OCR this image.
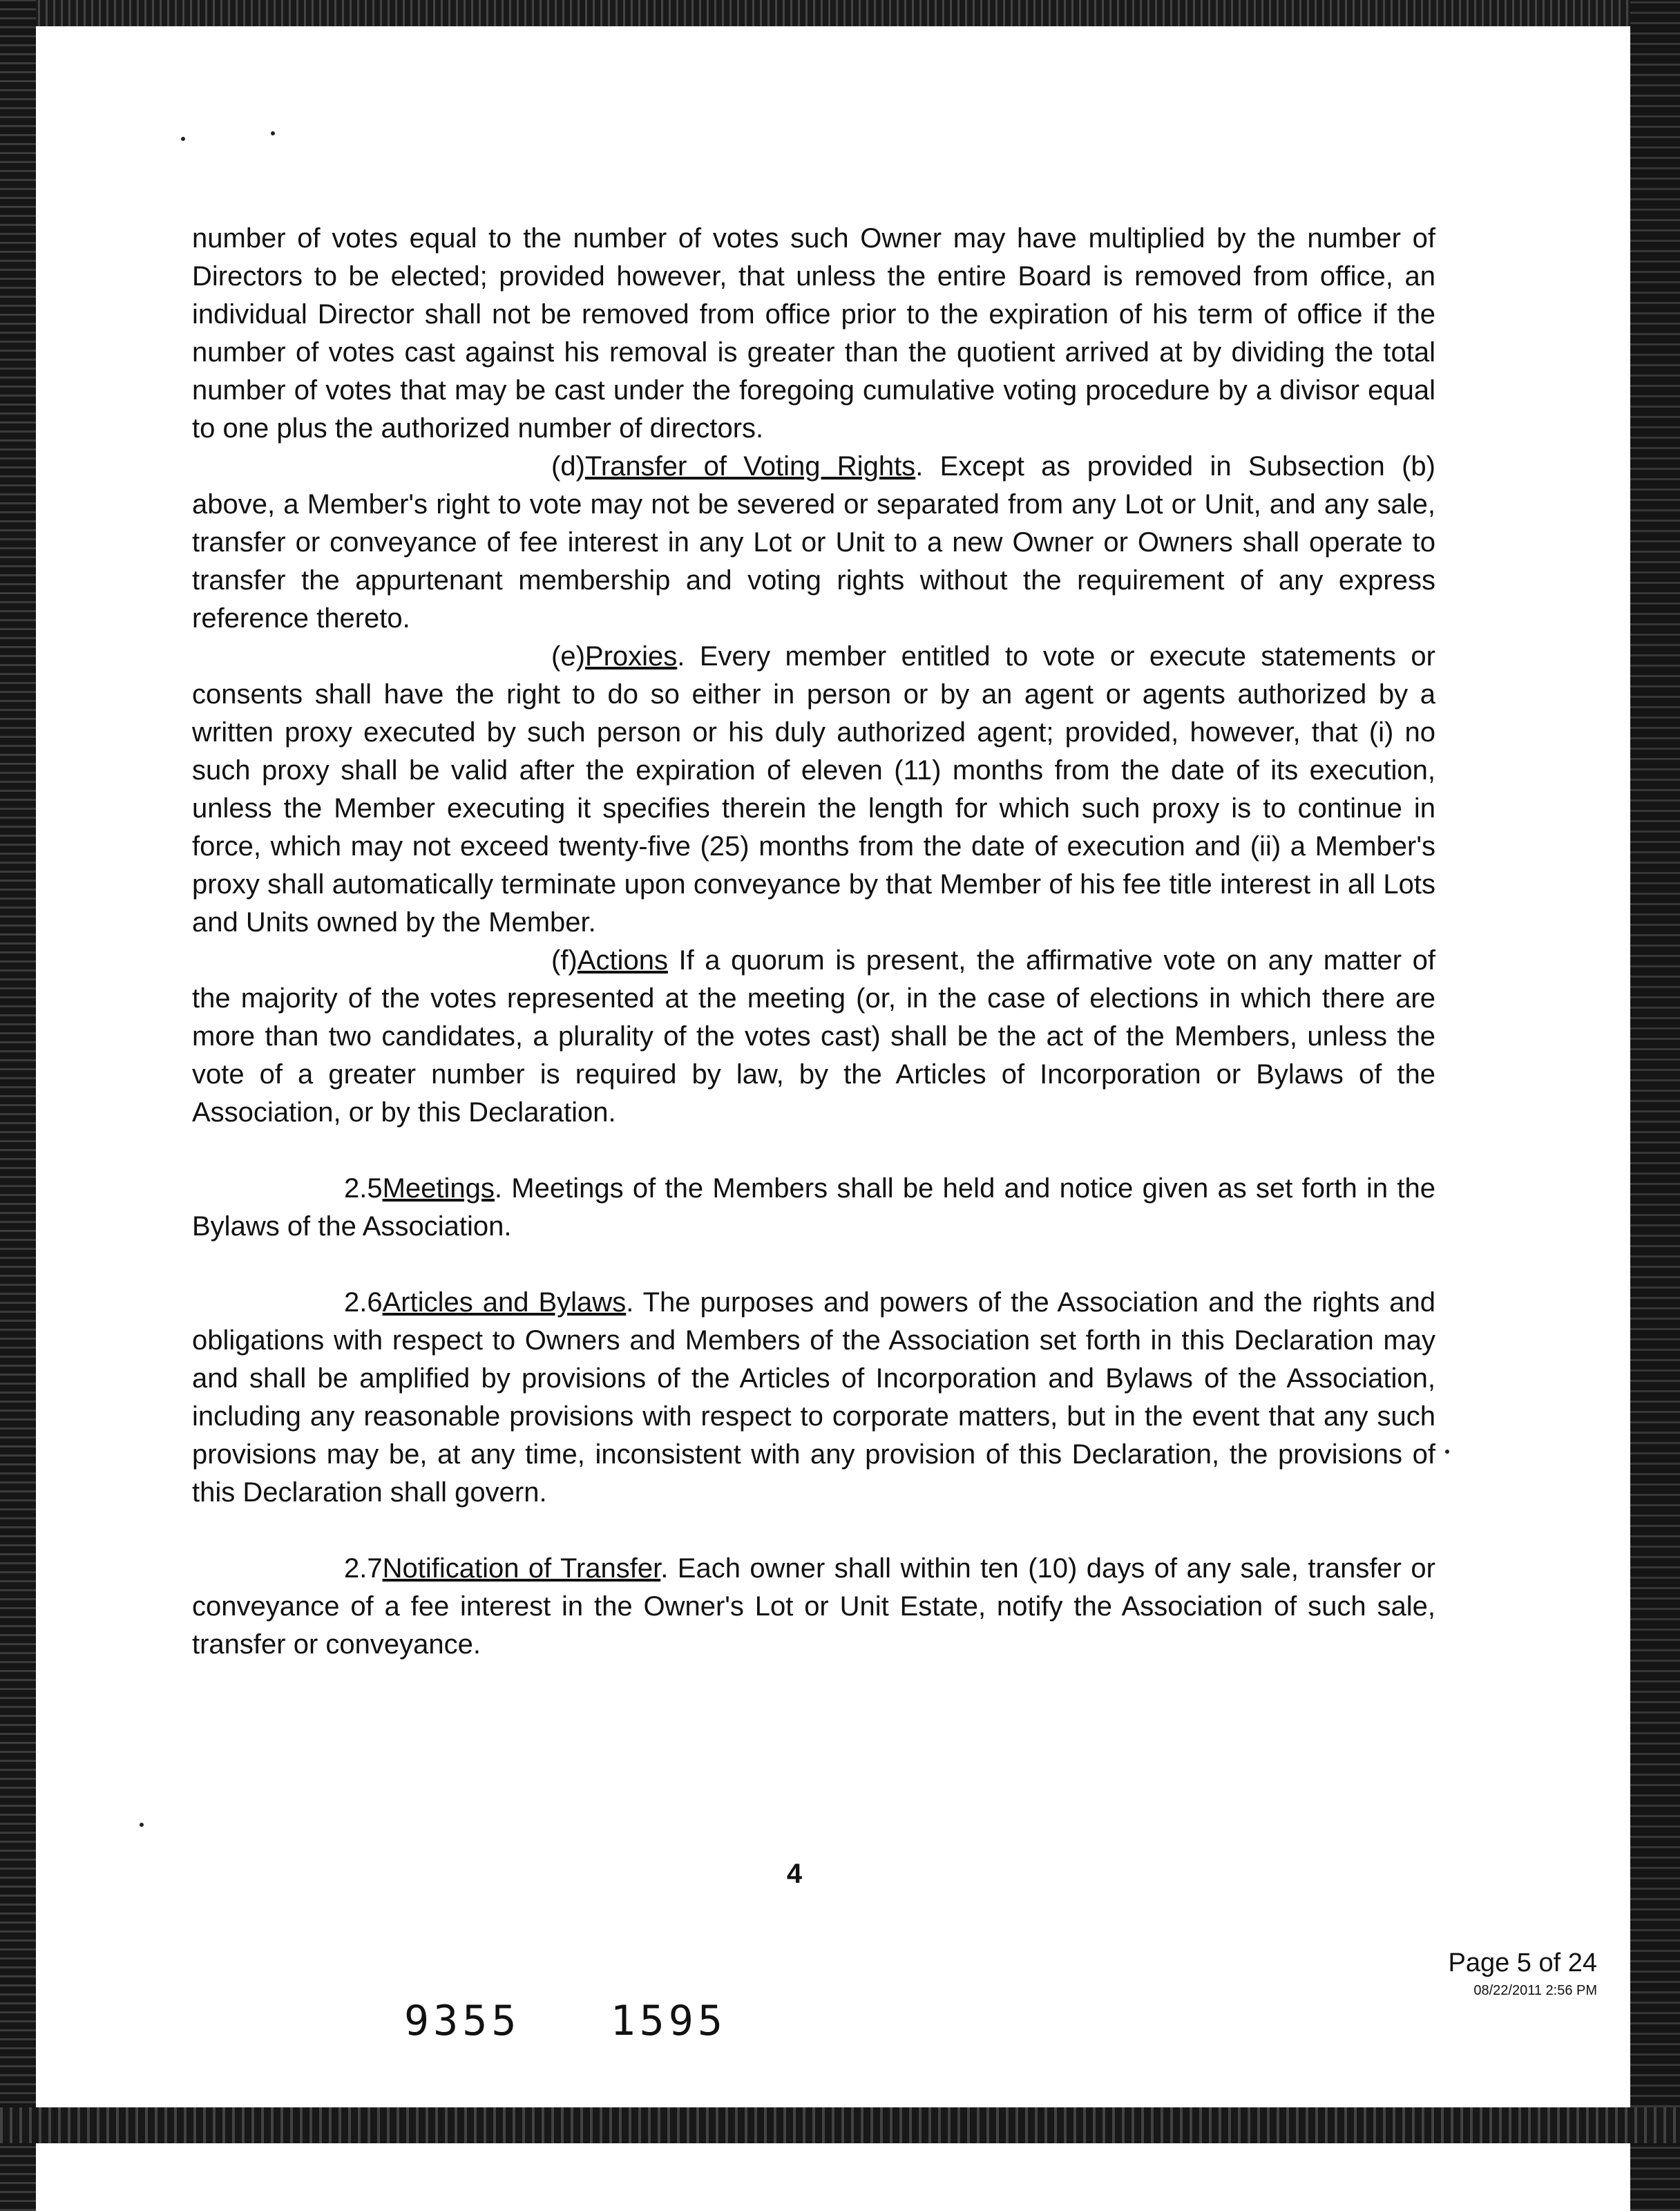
number of votes equal to the number of votes such Owner may have multiplied by the number of Directors to be elected; provided however, that unless the entire Board is removed from office, an individual Director shall not be removed from office prior to the expiration of his term of office if the number of votes cast against his removal is greater than the quotient arrived at by dividing the total number of votes that may be cast under the foregoing cumulative voting procedure by a divisor equal to one plus the authorized number of directors.

(d)Transfer of Voting Rights. Except as provided in Subsection (b) above, a Member's right to vote may not be severed or separated from any Lot or Unit, and any sale, transfer or conveyance of fee interest in any Lot or Unit to a new Owner or Owners shall operate to transfer the appurtenant membership and voting rights without the requirement of any express reference thereto.

(e)Proxies. Every member entitled to vote or execute statements or consents shall have the right to do so either in person or by an agent or agents authorized by a written proxy executed by such person or his duly authorized agent; provided, however, that (i) no such proxy shall be valid after the expiration of eleven (11) months from the date of its execution, unless the Member executing it specifies therein the length for which such proxy is to continue in force, which may not exceed twenty-five (25) months from the date of execution and (ii) a Member's proxy shall automatically terminate upon conveyance by that Member of his fee title interest in all Lots and Units owned by the Member.

(f)Actions If a quorum is present, the affirmative vote on any matter of the majority of the votes represented at the meeting (or, in the case of elections in which there are more than two candidates, a plurality of the votes cast) shall be the act of the Members, unless the vote of a greater number is required by law, by the Articles of Incorporation or Bylaws of the Association, or by this Declaration.

2.5Meetings. Meetings of the Members shall be held and notice given as set forth in the Bylaws of the Association.

2.6Articles and Bylaws. The purposes and powers of the Association and the rights and obligations with respect to Owners and Members of the Association set forth in this Declaration may and shall be amplified by provisions of the Articles of Incorporation and Bylaws of the Association, including any reasonable provisions with respect to corporate matters, but in the event that any such provisions may be, at any time, inconsistent with any provision of this Declaration, the provisions of this Declaration shall govern.

2.7Notification of Transfer. Each owner shall within ten (10) days of any sale, transfer or conveyance of a fee interest in the Owner's Lot or Unit Estate, notify the Association of such sale, transfer or conveyance.

4
Page 5 of 24
08/22/2011 2:56 PM
9355 1595
